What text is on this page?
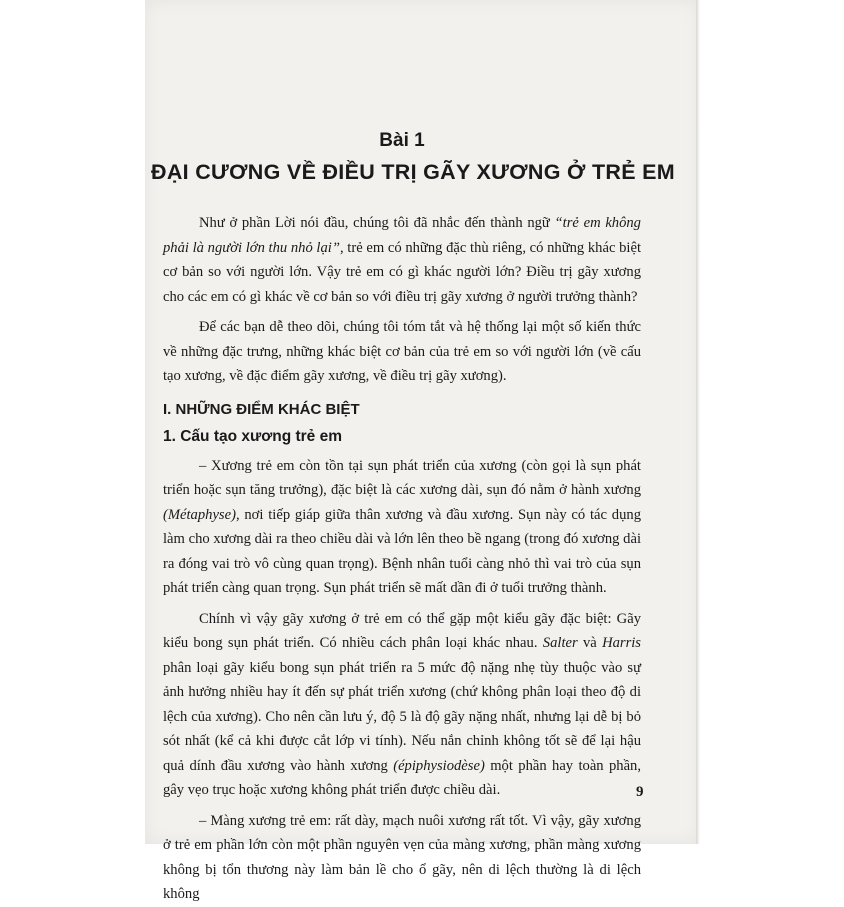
Bài 1
ĐẠI CƯƠNG VỀ ĐIỀU TRỊ GÃY XƯƠNG Ở TRẺ EM

Như ở phần Lời nói đầu, chúng tôi đã nhắc đến thành ngữ “trẻ em không phải là người lớn thu nhỏ lại”, trẻ em có những đặc thù riêng, có những khác biệt cơ bản so với người lớn. Vậy trẻ em có gì khác người lớn? Điều trị gãy xương cho các em có gì khác về cơ bản so với điều trị gãy xương ở người trưởng thành?

Để các bạn dễ theo dõi, chúng tôi tóm tắt và hệ thống lại một số kiến thức về những đặc trưng, những khác biệt cơ bản của trẻ em so với người lớn (về cấu tạo xương, về đặc điểm gãy xương, về điều trị gãy xương).

I. NHỮNG ĐIỂM KHÁC BIỆT
1. Cấu tạo xương trẻ em

– Xương trẻ em còn tồn tại sụn phát triển của xương (còn gọi là sụn phát triển hoặc sụn tăng trưởng), đặc biệt là các xương dài, sụn đó nằm ở hành xương (Métaphyse), nơi tiếp giáp giữa thân xương và đầu xương. Sụn này có tác dụng làm cho xương dài ra theo chiều dài và lớn lên theo bề ngang (trong đó xương dài ra đóng vai trò vô cùng quan trọng). Bệnh nhân tuổi càng nhỏ thì vai trò của sụn phát triển càng quan trọng. Sụn phát triển sẽ mất dần đi ở tuổi trưởng thành.

Chính vì vậy gãy xương ở trẻ em có thể gặp một kiểu gãy đặc biệt: Gãy kiểu bong sụn phát triển. Có nhiều cách phân loại khác nhau. Salter và Harris phân loại gãy kiểu bong sụn phát triển ra 5 mức độ nặng nhẹ tùy thuộc vào sự ảnh hưởng nhiều hay ít đến sự phát triển xương (chứ không phân loại theo độ di lệch của xương). Cho nên cần lưu ý, độ 5 là độ gãy nặng nhất, nhưng lại dễ bị bỏ sót nhất (kể cả khi được cắt lớp vi tính). Nếu nắn chỉnh không tốt sẽ để lại hậu quả dính đầu xương vào hành xương (épiphysiodèse) một phần hay toàn phần, gây vẹo trục hoặc xương không phát triển được chiều dài.

– Màng xương trẻ em: rất dày, mạch nuôi xương rất tốt. Vì vậy, gãy xương ở trẻ em phần lớn còn một phần nguyên vẹn của màng xương, phần màng xương không bị tổn thương này làm bản lề cho ổ gãy, nên di lệch thường là di lệch không

9
